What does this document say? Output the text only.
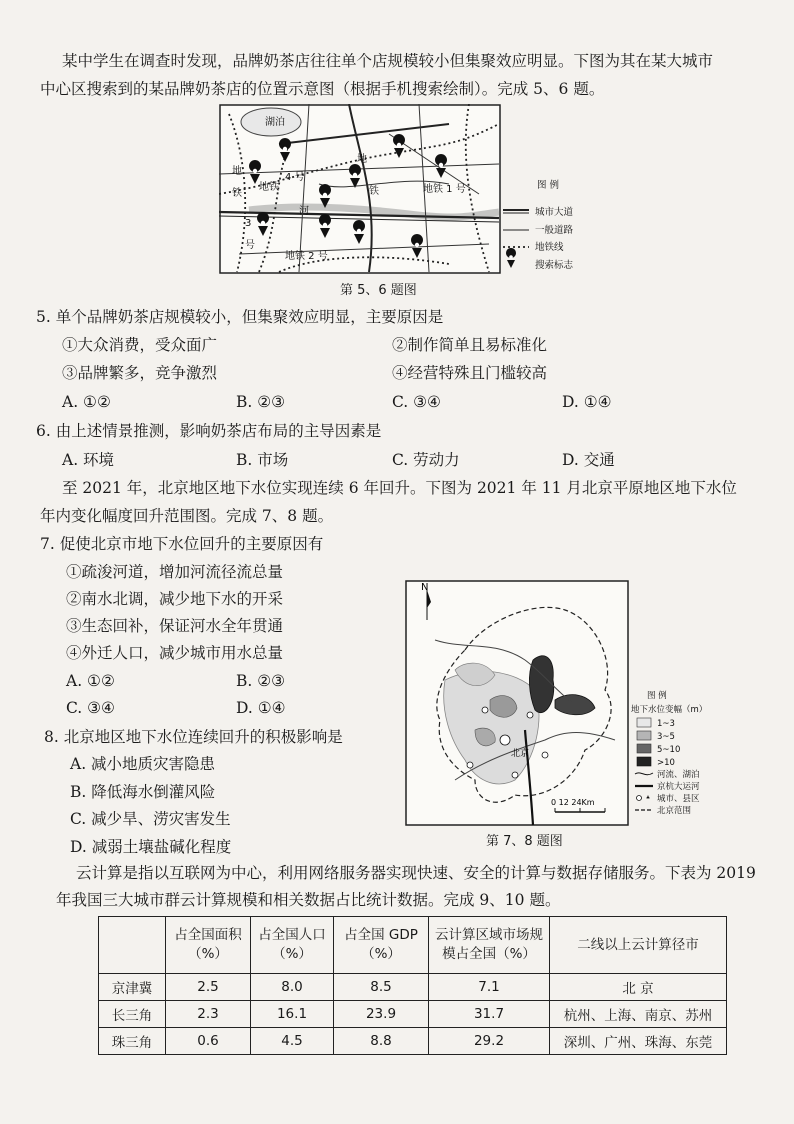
某中学生在调查时发现，品牌奶茶店往往单个店规模较小但集聚效应明显。下图为其在某大城市
中心区搜索到的某品牌奶茶店的位置示意图（根据手机搜索绘制）。完成 5、6 题。
湖泊
地
铁
地铁
4 号
3
号
河
地
铁	地铁 1 号
地铁 2 号
图 例
城市大道
一般道路
地铁线
搜索标志
第 5、6 题图
5. 单个品牌奶茶店规模较小，但集聚效应明显，主要原因是
①大众消费，受众面广	②制作简单且易标准化
③品牌繁多，竞争激烈	④经营特殊且门槛较高
A. ①②	B. ②③	C. ③④	D. ①④
6. 由上述情景推测，影响奶茶店布局的主导因素是
A. 环境	B. 市场	C. 劳动力	D. 交通
至 2021 年，北京地区地下水位实现连续 6 年回升。下图为 2021 年 11 月北京平原地区地下水位
年内变化幅度回升范围图。完成 7、8 题。
7. 促使北京市地下水位回升的主要原因有
①疏浚河道，增加河流径流总量
②南水北调，减少地下水的开采
③生态回补，保证河水全年贯通
④外迁人口，减少城市用水总量
A. ①②	B. ②③
C. ③④	D. ①④
8. 北京地区地下水位连续回升的积极影响是
A. 减小地质灾害隐患
B. 降低海水倒灌风险
C. 减少旱、涝灾害发生
D. 减弱土壤盐碱化程度
N
北京
0 12 24Km
图 例
地下水位变幅（m）
1~3
3~5
5~10
>10
河流、湖泊
京杭大运河
城市、县区
北京范围
第 7、8 题图
云计算是指以互联网为中心，利用网络服务器实现快速、安全的计算与数据存储服务。下表为 2019
年我国三大城市群云计算规模和相关数据占比统计数据。完成 9、10 题。
	占全国面积（%）	占全国人口（%）	占全国 GDP（%）	云计算区域市场规模占全国（%）	二线以上云计算径市
京津冀	2.5	8.0	8.5	7.1	北 京
长三角	2.3	16.1	23.9	31.7	杭州、上海、南京、苏州
珠三角	0.6	4.5	8.8	29.2	深圳、广州、珠海、东莞
